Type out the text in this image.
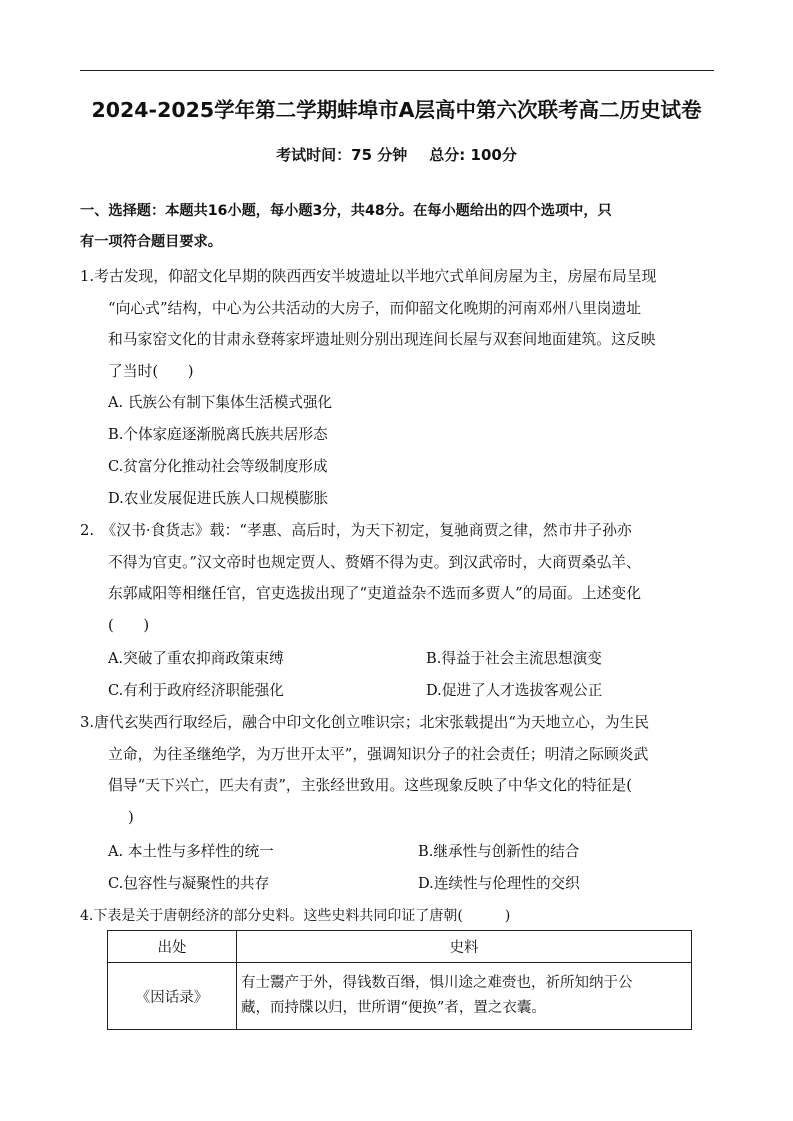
2024-2025学年第二学期蚌埠市A层高中第六次联考高二历史试卷
考试时间：75 分钟 总分: 100分
一、选择题：本题共16小题，每小题3分，共48分。在每小题给出的四个选项中，只
有一项符合题目要求。
1.考古发现，仰韶文化早期的陕西西安半坡遗址以半地穴式单间房屋为主，房屋布局呈现
“向心式”结构，中心为公共活动的大房子，而仰韶文化晚期的河南邓州八里岗遗址
和马家窑文化的甘肃永登蒋家坪遗址则分别出现连间长屋与双套间地面建筑。这反映
了当时(　　)
A. 氏族公有制下集体生活模式强化
B.个体家庭逐渐脱离氏族共居形态
C.贫富分化推动社会等级制度形成
D.农业发展促进氏族人口规模膨胀
2.　《汉书·食货志》载：“孝惠、高后时，为天下初定，复驰商贾之律，然市井子孙亦
不得为官吏。”汉文帝时也规定贾人、赘婿不得为吏。到汉武帝时，大商贾桑弘羊、
东郭咸阳等相继任官，官吏选拔出现了“吏道益杂不选而多贾人”的局面。上述变化
(　　)
A.突破了重农抑商政策束缚	B.得益于社会主流思想演变
C.有利于政府经济职能强化	D.促进了人才选拔客观公正
3.唐代玄奘西行取经后，融合中印文化创立唯识宗；北宋张载提出“为天地立心，为生民
立命，为往圣继绝学，为万世开太平”，强调知识分子的社会责任；明清之际顾炎武
倡导“天下兴亡，匹夫有责”，主张经世致用。这些现象反映了中华文化的特征是(
)
A. 本土性与多样性的统一	B.继承性与创新性的结合
C.包容性与凝聚性的共存	D.连续性与伦理性的交织
4.下表是关于唐朝经济的部分史料。这些史料共同印证了唐朝(　　　)
出处	史料
《因话录》	有士鬻产于外，得钱数百缗，惧川途之难赍也，祈所知纳于公
藏，而持牒以归，世所谓“便换”者，置之衣囊。
